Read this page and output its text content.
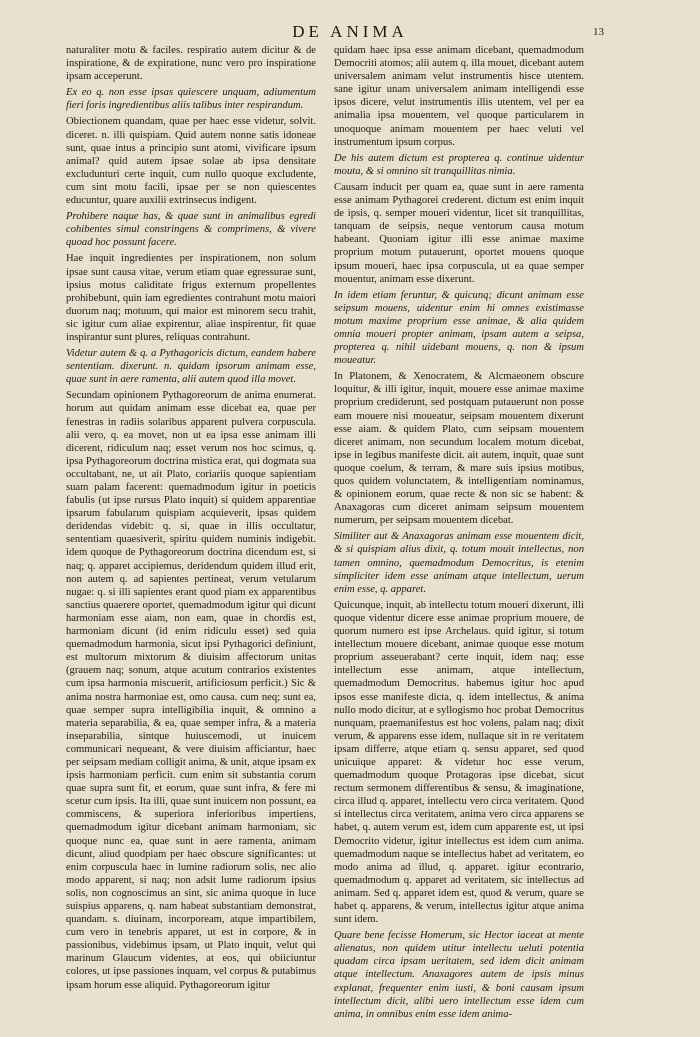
DE ANIMA	13

naturaliter motu & faciles. respiratio autem dicitur & de inspiratione, & de expiratione, nunc vero pro inspiratione ipsam acceperunt.

Ex eo q. non esse ipsas quiescere unquam, adiumentum fieri foris ingredientibus aliis talibus inter respirandum.

Obiectionem quandam, quae per haec esse videtur, solvit. diceret. n. illi quispiam. Quid autem nonne satis idoneae sunt, quae intus a principio sunt atomi, vivificare ipsum animal? quid autem ipsae solae ab ipsa densitate excludunturi certe inquit, cum nullo quoque excludente, cum sint motu facili, ipsae per se non quiescentes educuntur, quare auxilii extrinsecus indigent.

Prohibere naque has, & quae sunt in animalibus egredi cohibentes simul constringens & comprimens, & vivere quoad hoc possunt facere.

Hae inquit ingredientes per inspirationem, non solum ipsae sunt causa vitae, verum etiam quae egressurae sunt, ipsius motus caliditate frigus externum propellentes prohibebunt, quin iam egredientes contrahunt motu maiori duorum naq; motuum, qui maior est minorem secu trahit, sic igitur cum aliae expirentur, aliae inspirentur, fit quae inspirantur sunt plures, reliquas contrahunt.

Videtur autem & q. a Pythagoricis dictum, eandem habere sententiam. dixerunt. n. quidam ipsorum animam esse, quae sunt in aere ramenta, alii autem quod illa movet.

Secundam opinionem Pythagoreorum de anima enumerat. horum aut quidam animam esse dicebat ea, quae per fenestras in radiis solaribus apparent pulvera corpuscula. alii vero, q. ea movet, non ut ea ipsa esse animam illi dicerent, ridiculum naq; esset verum nos hoc scimus, q. ipsa Pythagoreorum doctrina mistica erat, qui dogmata sua occultabant, ne, ut ait Plato, coriariis quoque sapientiam suam palam facerent: quemadmodum igitur in poeticis fabulis (ut ipse rursus Plato inquit) si quidem apparentiae ipsarum fabularum quispiam acquieverit, ipsas quidem deridendas videbit: q. si, quae in illis occultatur, sententiam quaesiverit, spiritu quidem numinis indigebit. idem quoque de Pythagoreorum doctrina dicendum est, si naq; q. apparet accipiemus, deridendum quidem illud erit, non autem q. ad sapientes pertineat, verum vetularum nugae: q. si illi sapientes erant quod piam ex apparentibus sanctius quaerere oportet, quemadmodum igitur qui dicunt harmoniam esse aiam, non eam, quae in chordis est, harmoniam dicunt (id enim ridiculu esset) sed quia quemadmodum harmonia, sicut ipsi Pythagorici definiunt, est multorum mixtorum & diuisim affectorum unitas (grauem naq; sonum, atque acutum contrarios existentes cum ipsa harmonia miscuerit, artificiosum perficit.) Sic & anima nostra harmoniae est, omo causa. cum neq; sunt ea, quae semper supra intelligibilia inquit, & omnino a materia separabilia, & ea, quae semper infra, & a materia inseparabilia, sintque huiuscemodi, ut inuicem communicari nequeant, & vere diuisim afficiantur, haec per seipsam mediam colligit anima, & unit, atque ipsam ex ipsis harmoniam perficit. cum enim sit substantia corum quae supra sunt fit, et eorum, quae sunt infra, & fere mi scetur cum ipsis. Ita illi, quae sunt inuicem non possunt, ea commiscens, & superiora inferioribus impertiens, quemadmodum igitur dicebant animam harmoniam, sic quoque nunc ea, quae sunt in aere ramenta, animam dicunt, aliud quodpiam per haec obscure significantes: ut enim corpuscula haec in lumine radiorum solis, nec alio modo apparent, si naq; non adsit lume radiorum ipsius solis, non cognoscimus an sint, sic anima quoque in luce suispius apparens, q. nam habeat substantiam demonstrat, quandam. s. diuinam, incorpoream, atque impartibilem, cum vero in tenebris apparet, ut est in corpore, & in passionibus, videbimus ipsam, ut Plato inquit, velut qui marinum Glaucum videntes, at eos, qui obiiciuntur colores, ut ipse passiones inquam, vel corpus & putabimus ipsam horum esse aliquid. Pythagoreorum igitur

quidam haec ipsa esse animam dicebant, quemadmodum Democriti atomos; alii autem q. illa mouet, dicebant autem universalem animam velut instrumentis hisce utentem. sane igitur unam universalem animam intelligendi esse ipsos dicere, velut instrumentis illis utentem, vel per ea animalia ipsa mouentem, vel quoque particularem in unoquoque animam mouentem per haec veluti vel instrumentum ipsum corpus.

De his autem dictum est propterea q. continue uidentur mouta, & si omnino sit tranquillitas nimia.

Causam inducit per quam ea, quae sunt in aere ramenta esse animam Pythagorei crederent. dictum est enim inquit de ipsis, q. semper moueri videntur, licet sit tranquillitas, tanquam de seipsis, neque ventorum causa motum habeant. Quoniam igitur illi esse animae maxime proprium motum putauerunt, oportet mouens quoque ipsum moueri, haec ipsa corpuscula, ut ea quae semper mouentur, animam esse dixerunt.

In idem etiam feruntur, & quicunq; dicunt animam esse seipsum mouens, uidentur enim hi omnes existimasse motum maxime proprium esse animae, & alia quidem omnia moueri propter animam, ipsam autem a seipsa, propterea q. nihil uidebant mouens, q. non & ipsum moueatur.

In Platonem, & Xenocratem, & Alcmaeonem obscure loquitur, & illi igitur, inquit, mouere esse animae maxime proprium crediderunt, sed postquam putauerunt non posse eam mouere nisi moueatur, seipsam mouentem dixerunt esse aiam. & quidem Plato, cum seipsam mouentem diceret animam, non secundum localem motum dicebat, ipse in legibus manifeste dicit. ait autem, inquit, quae sunt quoque coelum, & terram, & mare suis ipsius motibus, quos quidem volunctatem, & intelligentiam nominamus, & opinionem eorum, quae recte & non sic se habent: & Anaxagoras cum diceret animam seipsum mouentem numerum, per seipsam mouentem dicebat.

Similiter aut & Anaxagoras animam esse mouentem dicit, & si quispiam alius dixit, q. totum mouit intellectus, non tamen omnino, quemadmodum Democritus, is etenim simpliciter idem esse animam atque intellectum, uerum enim esse, q. apparet.

Quicunque, inquit, ab intellectu totum moueri dixerunt, illi quoque videntur dicere esse animae proprium mouere, de quorum numero est ipse Archelaus. quid igitur, si totum intellectum mouere dicebant, animae quoque esse motum proprium asseuerabant? certe inquit, idem naq; esse intellectum esse animam, atque intellectum, quemadmodum Democritus. habemus igitur hoc apud ipsos esse manifeste dicta, q. idem intellectus, & anima nullo modo dicitur, at e syllogismo hoc probat Democritus nunquam, praemanifestus est hoc volens, palam naq; dixit verum, & apparens esse idem, nullaque sit in re veritatem ipsam differre, atque etiam q. sensu apparet, sed quod unicuique apparet: & videtur hoc esse verum, quemadmodum quoque Protagoras ipse dicebat, sicut rectum sermonem differentibus & sensu, & imaginatione, circa illud q. apparet, intellectu vero circa veritatem. Quod si intellectus circa veritatem, anima vero circa apparens se habet, q. autem verum est, idem cum apparente est, ut ipsi Democrito videtur, igitur intellectus est idem cum anima. quemadmodum naque se intellectus habet ad veritatem, eo modo anima ad illud, q. apparet. igitur econtrario, quemadmodum q. apparet ad veritatem, sic intellectus ad animam. Sed q. apparet idem est, quod & verum, quare se habet q. apparens, & verum, intellectus igitur atque anima sunt idem.

Quare bene fecisse Homerum, sic Hector iaceat at mente alienatus, non quidem utitur intellectu ueluti potentia quadam circa ipsam ueritatem, sed idem dicit animam atque intellectum. Anaxagores autem de ipsis minus explanat, frequenter enim iusti, & boni causam ipsum intellectum dicit, alibi uero intellectum esse idem cum anima, in omnibus enim esse idem anima-
